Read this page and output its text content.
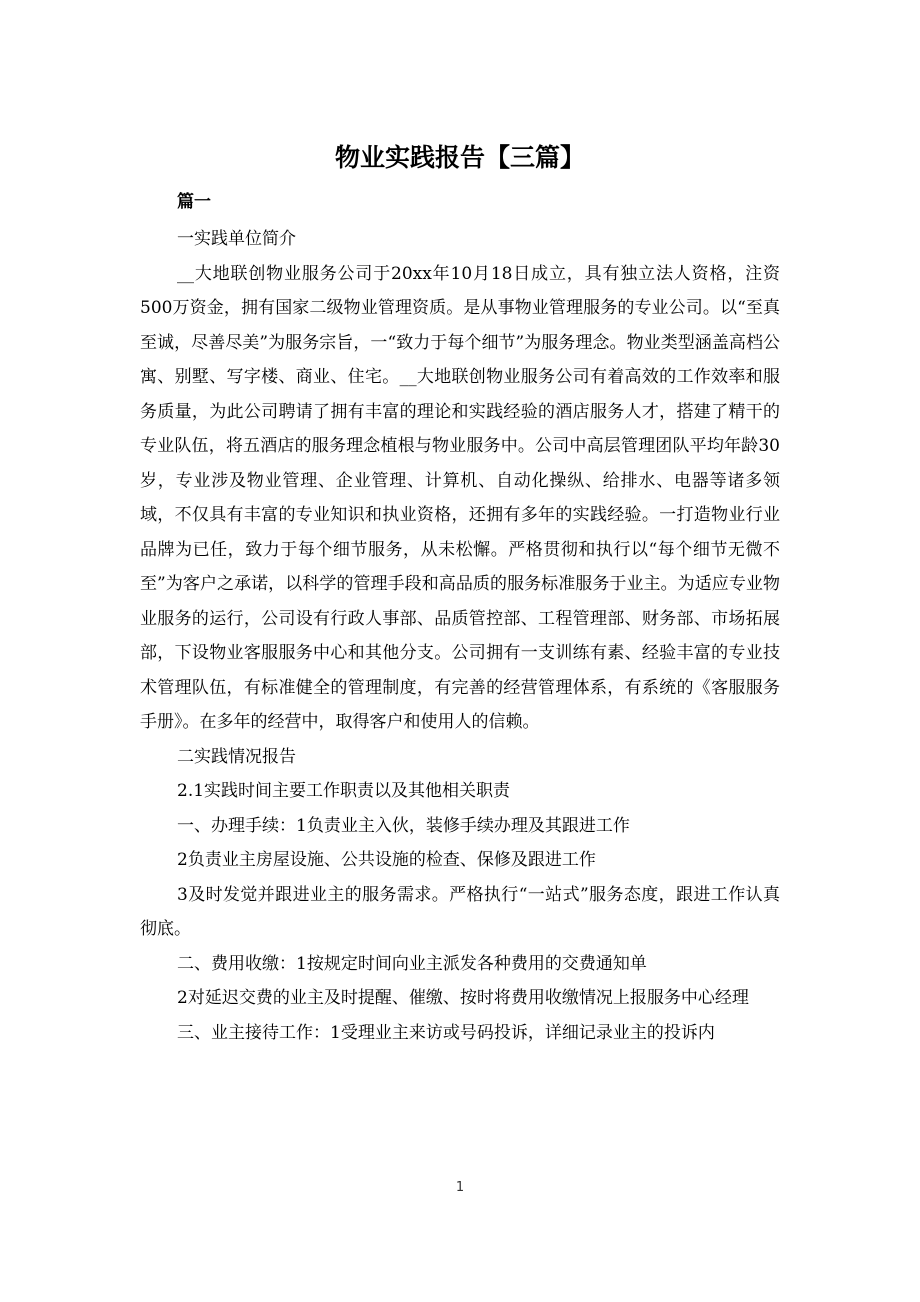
物业实践报告【三篇】
篇一

一实践单位简介

__大地联创物业服务公司于20xx年10月18日成立，具有独立法人资格，注资500万资金，拥有国家二级物业管理资质。是从事物业管理服务的专业公司。以“至真至诚，尽善尽美”为服务宗旨，一“致力于每个细节”为服务理念。物业类型涵盖高档公寓、别墅、写字楼、商业、住宅。__大地联创物业服务公司有着高效的工作效率和服务质量，为此公司聘请了拥有丰富的理论和实践经验的酒店服务人才，搭建了精干的专业队伍，将五酒店的服务理念植根与物业服务中。公司中高层管理团队平均年龄30岁，专业涉及物业管理、企业管理、计算机、自动化操纵、给排水、电器等诸多领域，不仅具有丰富的专业知识和执业资格，还拥有多年的实践经验。一打造物业行业品牌为已任，致力于每个细节服务，从未松懈。严格贯彻和执行以“每个细节无微不至”为客户之承诺，以科学的管理手段和高品质的服务标准服务于业主。为适应专业物业服务的运行，公司设有行政人事部、品质管控部、工程管理部、财务部、市场拓展部，下设物业客服服务中心和其他分支。公司拥有一支训练有素、经验丰富的专业技术管理队伍，有标准健全的管理制度，有完善的经营管理体系，有系统的《客服服务手册》。在多年的经营中，取得客户和使用人的信赖。

二实践情况报告

2.1实践时间主要工作职责以及其他相关职责

一、办理手续：1负责业主入伙，装修手续办理及其跟进工作

2负责业主房屋设施、公共设施的检查、保修及跟进工作

3及时发觉并跟进业主的服务需求。严格执行“一站式”服务态度，跟进工作认真彻底。

二、费用收缴：1按规定时间向业主派发各种费用的交费通知单

2对延迟交费的业主及时提醒、催缴、按时将费用收缴情况上报服务中心经理

三、业主接待工作：1受理业主来访或号码投诉，详细记录业主的投诉内

1
